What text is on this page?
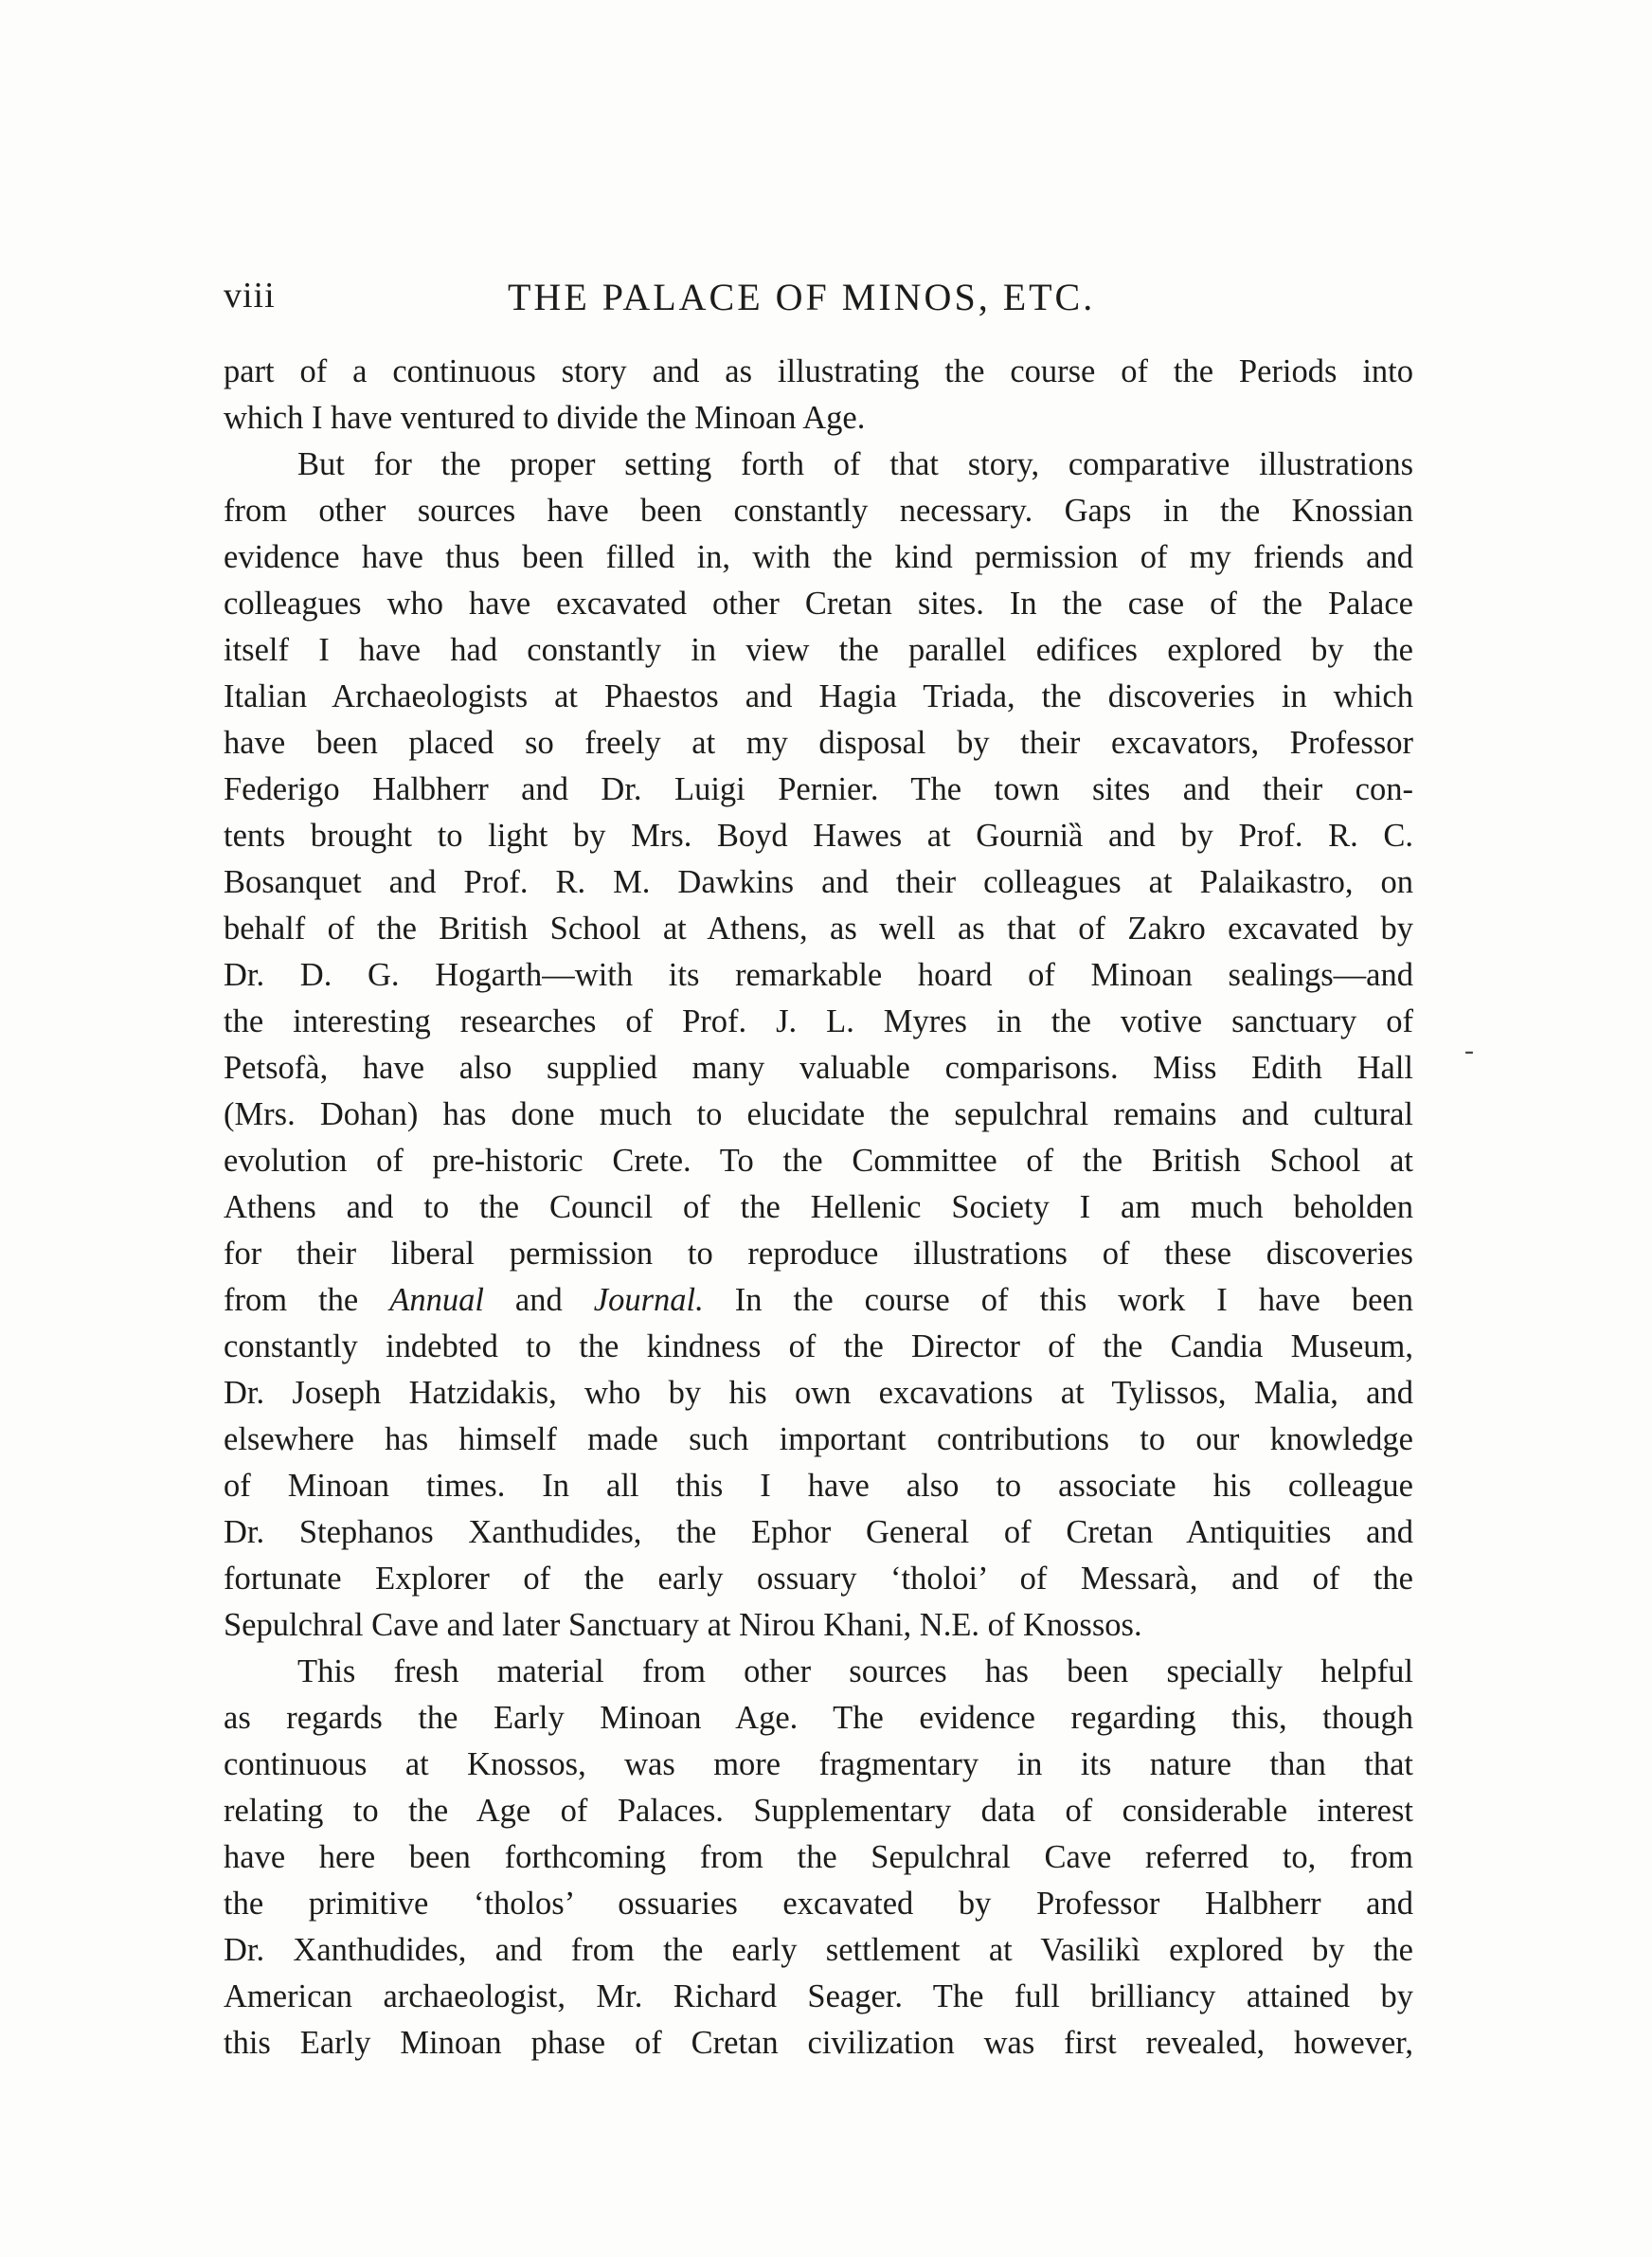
viii	THE PALACE OF MINOS, ETC.
part of a continuous story and as illustrating the course of the Periods into
which I have ventured to divide the Minoan Age.
But for the proper setting forth of that story, comparative illustrations
from other sources have been constantly necessary. Gaps in the Knossian
evidence have thus been filled in, with the kind permission of my friends and
colleagues who have excavated other Cretan sites. In the case of the Palace
itself I have had constantly in view the parallel edifices explored by the
Italian Archaeologists at Phaestos and Hagia Triada, the discoveries in which
have been placed so freely at my disposal by their excavators, Professor
Federigo Halbherr and Dr. Luigi Pernier. The town sites and their con-
tents brought to light by Mrs. Boyd Hawes at Gourniȁ and by Prof. R. C.
Bosanquet and Prof. R. M. Dawkins and their colleagues at Palaikastro, on
behalf of the British School at Athens, as well as that of Zakro excavated by
Dr. D. G. Hogarth—with its remarkable hoard of Minoan sealings—and
the interesting researches of Prof. J. L. Myres in the votive sanctuary of
Petsofà, have also supplied many valuable comparisons. Miss Edith Hall
(Mrs. Dohan) has done much to elucidate the sepulchral remains and cultural
evolution of pre-historic Crete. To the Committee of the British School at
Athens and to the Council of the Hellenic Society I am much beholden
for their liberal permission to reproduce illustrations of these discoveries
from the Annual and Journal. In the course of this work I have been
constantly indebted to the kindness of the Director of the Candia Museum,
Dr. Joseph Hatzidakis, who by his own excavations at Tylissos, Malia, and
elsewhere has himself made such important contributions to our knowledge
of Minoan times. In all this I have also to associate his colleague
Dr. Stephanos Xanthudides, the Ephor General of Cretan Antiquities and
fortunate Explorer of the early ossuary ‘tholoi’ of Messarà, and of the
Sepulchral Cave and later Sanctuary at Nirou Khani, N.E. of Knossos.
This fresh material from other sources has been specially helpful
as regards the Early Minoan Age. The evidence regarding this, though
continuous at Knossos, was more fragmentary in its nature than that
relating to the Age of Palaces. Supplementary data of considerable interest
have here been forthcoming from the Sepulchral Cave referred to, from
the primitive ‘tholos’ ossuaries excavated by Professor Halbherr and
Dr. Xanthudides, and from the early settlement at Vasilikì explored by the
American archaeologist, Mr. Richard Seager. The full brilliancy attained by
this Early Minoan phase of Cretan civilization was first revealed, however,
-
